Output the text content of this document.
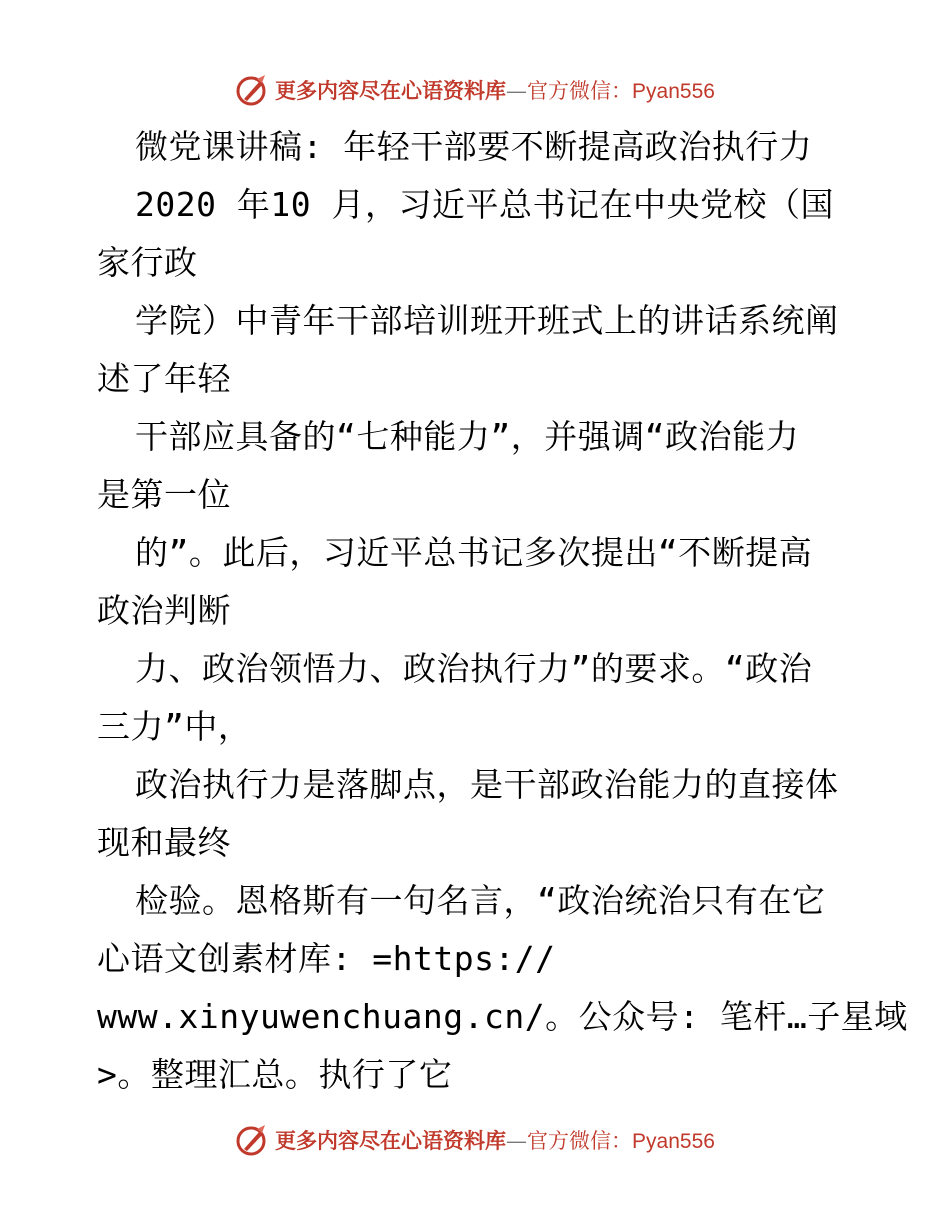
更多内容尽在心语资料库—官方微信：Pyan556
微党课讲稿: 年轻干部要不断提高政治执行力
2020 年10 月，习近平总书记在中央党校（国
家行政
学院）中青年干部培训班开班式上的讲话系统阐
述了年轻
干部应具备的“七种能力”，并强调“政治能力
是第一位
的”。此后，习近平总书记多次提出“不断提高
政治判断
力、政治领悟力、政治执行力”的要求。“政治
三力”中，
政治执行力是落脚点，是干部政治能力的直接体
现和最终
检验。恩格斯有一句名言，“政治统治只有在它
心语文创素材库: =https://
www.xinyuwenchuang.cn/。公众号: 笔杆…子星域
>。整理汇总。执行了它
更多内容尽在心语资料库—官方微信：Pyan556
